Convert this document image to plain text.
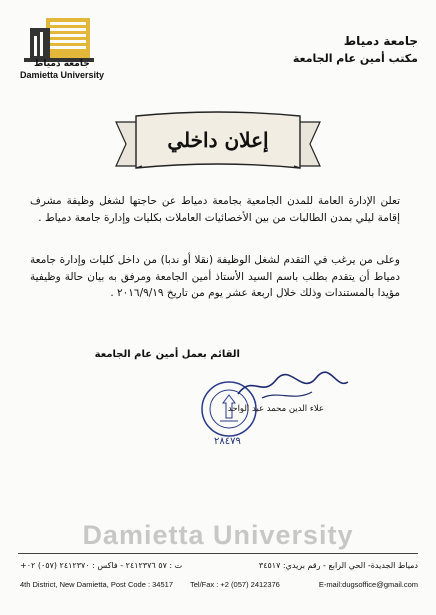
جامعة دمياط
Damietta University
جامعة دمياط
مكتب أمين عام الجامعة
إعلان داخلي
تعلن الإدارة العامة للمدن الجامعية بجامعة دمياط عن حاجتها لشغل وظيفة مشرف إقامة ليلي بمدن الطالبات من بين الأخصائيات العاملات بكليات وإدارة جامعة دمياط .
وعلى من يرغب في التقدم لشغل الوظيفة (نقلا أو ندبا) من داخل كليات وإدارة جامعة دمياط أن يتقدم بطلب باسم السيد الأستاذ أمين الجامعة ومرفق به بيان حالة وظيفية مؤيدا بالمستندات وذلك خلال اربعة عشر يوم من تاريخ ٢٠١٦/٩/١٩ .
القائم بعمل أمين عام الجامعة
علاء الدين محمد عبد الواحد
٢٨٤٧٩
Damietta University
دمياط الجديدة- الحي الرابع - رقم بريدي: ٣٤٥١٧
ت : ٥٧ ٢٤١٢٣٧٦ - فاكس : ٢٤١٢٣٧٠ (٠٥٧) ٠٢+
4th District, New Damietta, Post Code : 34517 Tel/Fax : +2 (057) 2412376	E-mail:dugsoffice@gmail.com
